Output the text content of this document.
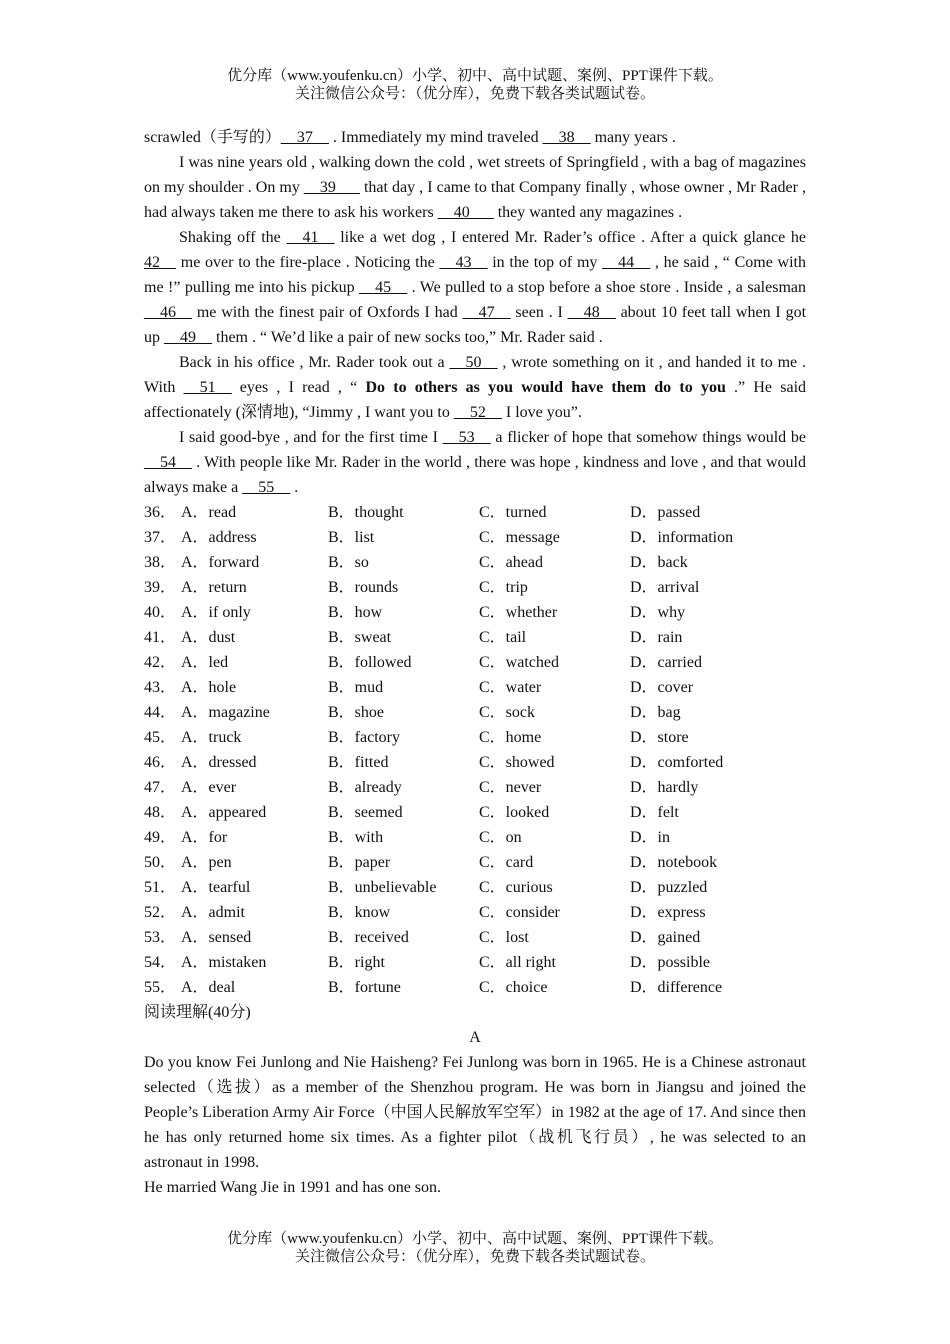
优分库（www.youfenku.cn）小学、初中、高中试题、案例、PPT课件下载。
关注微信公众号：（优分库），免费下载各类试题试卷。

scrawled（手写的）__37__ . Immediately my mind traveled __38__ many years .

I was nine years old , walking down the cold , wet streets of Springfield , with a bag of magazines on my shoulder . On my __39___ that day , I came to that Company finally , whose owner , Mr Rader , had always taken me there to ask his workers __40___ they wanted any magazines .

Shaking off the __41__ like a wet dog , I entered Mr. Rader’s office . After a quick glance he 42__ me over to the fire-place . Noticing the __43__ in the top of my __44__ , he said , “ Come with me !” pulling me into his pickup __45__ . We pulled to a stop before a shoe store . Inside , a salesman __46__ me with the finest pair of Oxfords I had __47__ seen . I __48__ about 10 feet tall when I got up __49__ them . “ We’d like a pair of new socks too,” Mr. Rader said .

Back in his office , Mr. Rader took out a __50__ , wrote something on it , and handed it to me . With __51__ eyes , I read , “ Do to others as you would have them do to you .” He said affectionately (深情地), “Jimmy , I want you to __52__ I love you”.

I said good-bye , and for the first time I __53__ a flicker of hope that somehow things would be __54__ . With people like Mr. Rader in the world , there was hope , kindness and love , and that would always make a __55__ .

36． A．read	B．thought	C．turned	D．passed
37． A．address	B．list	C．message	D．information
38． A．forward	B．so	C．ahead	D．back
39． A．return	B．rounds	C．trip	D．arrival
40． A．if only	B．how	C．whether	D．why
41． A．dust	B．sweat	C．tail	D．rain
42． A．led	B．followed	C．watched	D．carried
43． A．hole	B．mud	C．water	D．cover
44． A．magazine	B．shoe	C．sock	D．bag
45． A．truck	B．factory	C．home	D．store
46． A．dressed	B．fitted	C．showed	D．comforted
47． A．ever	B．already	C．never	D．hardly
48． A．appeared	B．seemed	C．looked	D．felt
49． A．for	B．with	C．on	D．in
50． A．pen	B．paper	C．card	D．notebook
51． A．tearful	B．unbelievable	C．curious	D．puzzled
52． A．admit	B．know	C．consider	D．express
53． A．sensed	B．received	C．lost	D．gained
54． A．mistaken	B．right	C．all right	D．possible
55． A．deal	B．fortune	C．choice	D．difference
阅读理解(40分)
A

Do you know Fei Junlong and Nie Haisheng? Fei Junlong was born in 1965. He is a Chinese astronaut selected（选拔）as a member of the Shenzhou program. He was born in Jiangsu and joined the People’s Liberation Army Air Force（中国人民解放军空军）in 1982 at the age of 17. And since then he has only returned home six times. As a fighter pilot（战机飞行员）, he was selected to an astronaut in 1998.

He married Wang Jie in 1991 and has one son.

优分库（www.youfenku.cn）小学、初中、高中试题、案例、PPT课件下载。
关注微信公众号：（优分库），免费下载各类试题试卷。
